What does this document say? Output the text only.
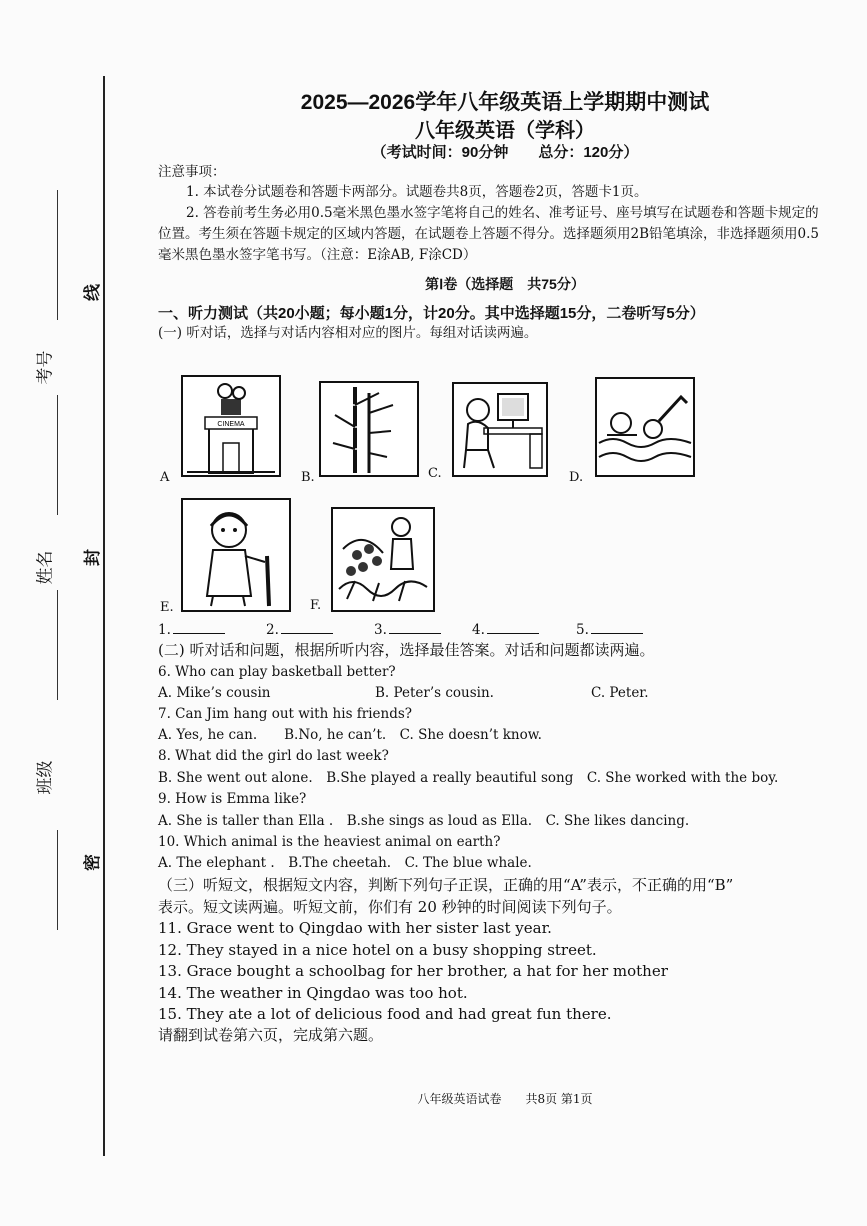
考号
姓名
班级
线
封
密
2025—2026学年八年级英语上学期期中测试
八年级英语（学科）
（考试时间：90分钟　　总分：120分）
注意事项：
1. 本试卷分试题卷和答题卡两部分。试题卷共8页，答题卷2页，答题卡1页。
2. 答卷前考生务必用0.5毫米黑色墨水签字笔将自己的姓名、准考证号、座号填写在试题卷和答题卡规定的
位置。考生须在答题卡规定的区域内答题，在试题卷上答题不得分。选择题须用2B铅笔填涂，非选择题须用0.5
毫米黑色墨水签字笔书写。（注意：E涂AB, F涂CD）
第Ⅰ卷（选择题　共75分）
一、听力测试（共20小题；每小题1分，计20分。其中选择题15分，二卷听写5分）
(一) 听对话，选择与对话内容相对应的图片。每组对话读两遍。
CINEMA
A	B.	C.	D.
E.	F.
1.	2.	3.	4.	5.
(二) 听对话和问题，根据所听内容，选择最佳答案。对话和问题都读两遍。
6. Who can play basketball better?
A. Mike’s cousin	B. Peter’s cousin.	C. Peter.
7. Can Jim hang out with his friends?
A. Yes, he can.　　B.No, he can’t.　C. She doesn’t know.
8. What did the girl do last week?
B. She went out alone.　B.She played a really beautiful song　C. She worked with the boy.
9. How is Emma like?
A. She is taller than Ella .　B.she sings as loud as Ella.　C. She likes dancing.
10. Which animal is the heaviest animal on earth?
A. The elephant .　B.The cheetah.　C. The blue whale.
（三）听短文，根据短文内容，判断下列句子正误，正确的用“A”表示，不正确的用“B”
表示。短文读两遍。听短文前，你们有 20 秒钟的时间阅读下列句子。
11. Grace went to Qingdao with her sister last year.
12. They stayed in a nice hotel on a busy shopping street.
13. Grace bought a schoolbag for her brother, a hat for her mother
14. The weather in Qingdao was too hot.
15. They ate a lot of delicious food and had great fun there.
请翻到试卷第六页，完成第六题。
八年级英语试卷　　共8页 第1页
